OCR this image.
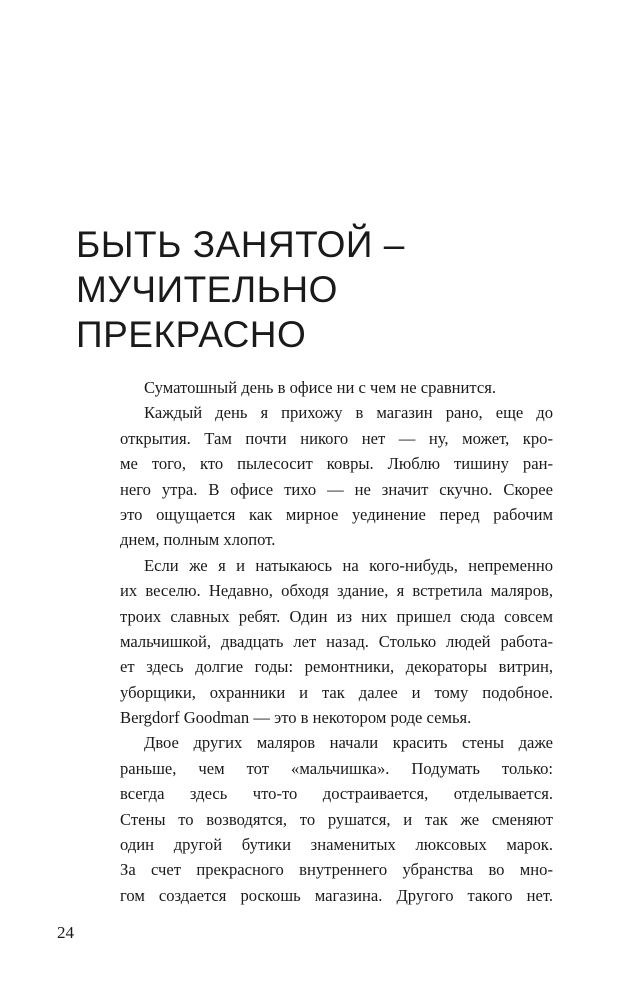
БЫТЬ ЗАНЯТОЙ –
МУЧИТЕЛЬНО
ПРЕКРАСНО
Суматошный день в офисе ни с чем не сравнится.
Каждый день я прихожу в магазин рано, еще до
открытия. Там почти никого нет — ну, может, кро-
ме того, кто пылесосит ковры. Люблю тишину ран-
него утра. В офисе тихо — не значит скучно. Скорее
это ощущается как мирное уединение перед рабочим
днем, полным хлопот.
Если же я и натыкаюсь на кого-нибудь, непременно
их веселю. Недавно, обходя здание, я встретила маляров,
троих славных ребят. Один из них пришел сюда совсем
мальчишкой, двадцать лет назад. Столько людей работа-
ет здесь долгие годы: ремонтники, декораторы витрин,
уборщики, охранники и так далее и тому подобное.
Bergdorf Goodman — это в некотором роде семья.
Двое других маляров начали красить стены даже
раньше, чем тот «мальчишка». Подумать только:
всегда здесь что-то достраивается, отделывается.
Стены то возводятся, то рушатся, и так же сменяют
один другой бутики знаменитых люксовых марок.
За счет прекрасного внутреннего убранства во мно-
гом создается роскошь магазина. Другого такого нет.
24
